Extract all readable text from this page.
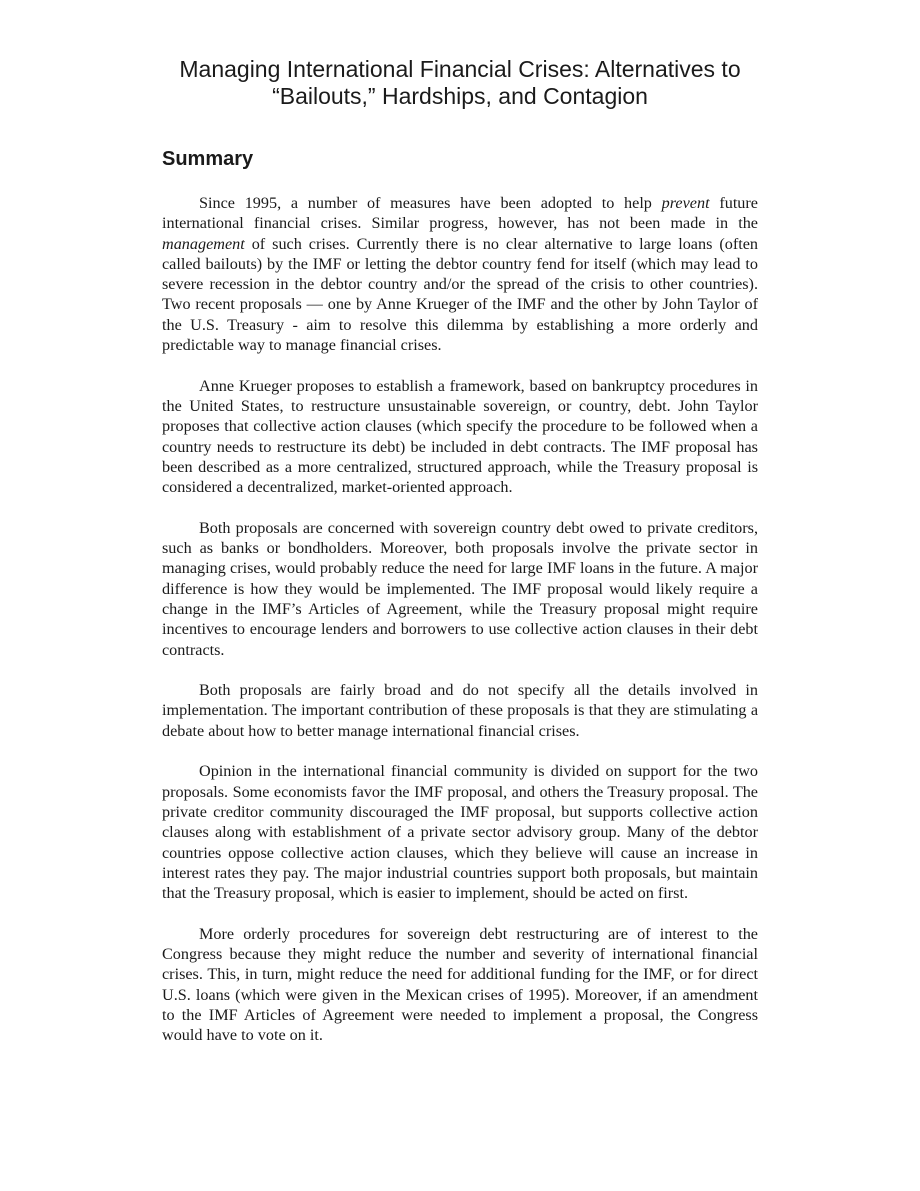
Managing International Financial Crises: Alternatives to
“Bailouts,” Hardships, and Contagion
Summary

Since 1995, a number of measures have been adopted to help prevent future international financial crises. Similar progress, however, has not been made in the management of such crises. Currently there is no clear alternative to large loans (often called bailouts) by the IMF or letting the debtor country fend for itself (which may lead to severe recession in the debtor country and/or the spread of the crisis to other countries). Two recent proposals — one by Anne Krueger of the IMF and the other by John Taylor of the U.S. Treasury - aim to resolve this dilemma by establishing a more orderly and predictable way to manage financial crises.

Anne Krueger proposes to establish a framework, based on bankruptcy procedures in the United States, to restructure unsustainable sovereign, or country, debt. John Taylor proposes that collective action clauses (which specify the procedure to be followed when a country needs to restructure its debt) be included in debt contracts. The IMF proposal has been described as a more centralized, structured approach, while the Treasury proposal is considered a decentralized, market-oriented approach.

Both proposals are concerned with sovereign country debt owed to private creditors, such as banks or bondholders. Moreover, both proposals involve the private sector in managing crises, would probably reduce the need for large IMF loans in the future. A major difference is how they would be implemented. The IMF proposal would likely require a change in the IMF’s Articles of Agreement, while the Treasury proposal might require incentives to encourage lenders and borrowers to use collective action clauses in their debt contracts.

Both proposals are fairly broad and do not specify all the details involved in implementation. The important contribution of these proposals is that they are stimulating a debate about how to better manage international financial crises.

Opinion in the international financial community is divided on support for the two proposals. Some economists favor the IMF proposal, and others the Treasury proposal. The private creditor community discouraged the IMF proposal, but supports collective action clauses along with establishment of a private sector advisory group. Many of the debtor countries oppose collective action clauses, which they believe will cause an increase in interest rates they pay. The major industrial countries support both proposals, but maintain that the Treasury proposal, which is easier to implement, should be acted on first.

More orderly procedures for sovereign debt restructuring are of interest to the Congress because they might reduce the number and severity of international financial crises. This, in turn, might reduce the need for additional funding for the IMF, or for direct U.S. loans (which were given in the Mexican crises of 1995). Moreover, if an amendment to the IMF Articles of Agreement were needed to implement a proposal, the Congress would have to vote on it.
